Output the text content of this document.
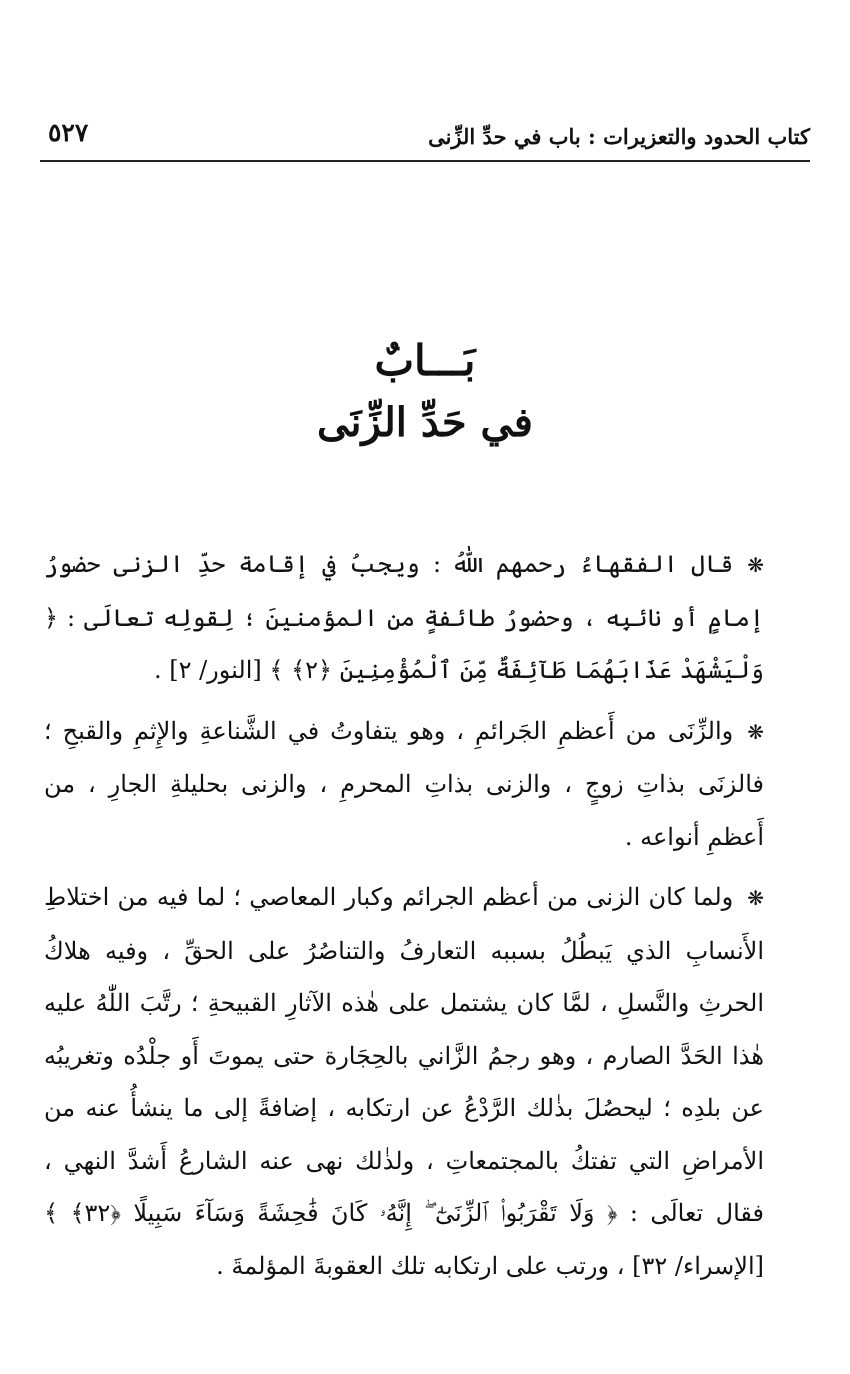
كتاب الحدود والتعزيرات : باب في حدِّ الزِّنى
٥٢٧
بَـــابٌ
في حَدِّ الزِّنَى

❋قال الفقهاءُ رحمهم اللّٰهُ : ويجبُ في إقامة حدِّ الزنى حضورُ إمامٍ أو نائبِه ، وحضورُ طائفةٍ من المؤمنينَ ؛ لِقولِه تعالَى : ﴿ وَلْيَشْهَدْ عَذَابَهُمَا طَآئِفَةٌ مِّنَ ٱلْمُؤْمِنِينَ ﴿٢﴾ ﴾ [النور/ ٢] .

❋والزِّنَى من أَعظمِ الجَرائمِ ، وهو يتفاوتُ في الشَّناعةِ والإِثمِ والقبحِ ؛ فالزنَى بذاتِ زوجٍ ، والزنى بذاتِ المحرمِ ، والزنى بحليلةِ الجارِ ، من أَعظمِ أنواعه .

❋ولما كان الزنى من أعظم الجرائم وكبار المعاصي ؛ لما فيه من اختلاطِ الأَنسابِ الذي يَبطُلُ بسببه التعارفُ والتناصُرُ على الحقِّ ، وفيه هلاكُ الحرثِ والنَّسلِ ، لمَّا كان يشتمل على هٰذه الآثارِ القبيحةِ ؛ رتَّبَ اللّٰهُ عليه هٰذا الحَدَّ الصارم ، وهو رجمُ الزَّاني بالحِجَارة حتى يموتَ أَو جلْدُه وتغريبُه عن بلدِه ؛ ليحصُلَ بذٰلك الرَّدْعُ عن ارتكابه ، إضافةً إلى ما ينشأُ عنه من الأمراضِ التي تفتكُ بالمجتمعاتِ ، ولذٰلك نهى عنه الشارعُ أَشدَّ النهي ، فقال تعالَى : ﴿ وَلَا تَقْرَبُوا۟ ٱلزِّنَىٰٓ ۖ إِنَّهُۥ كَانَ فَٰحِشَةً وَسَآءَ سَبِيلًا ﴿٣٢﴾ ﴾ [الإسراء/ ٣٢] ، ورتب على ارتكابه تلك العقوبةَ المؤلمةَ .
